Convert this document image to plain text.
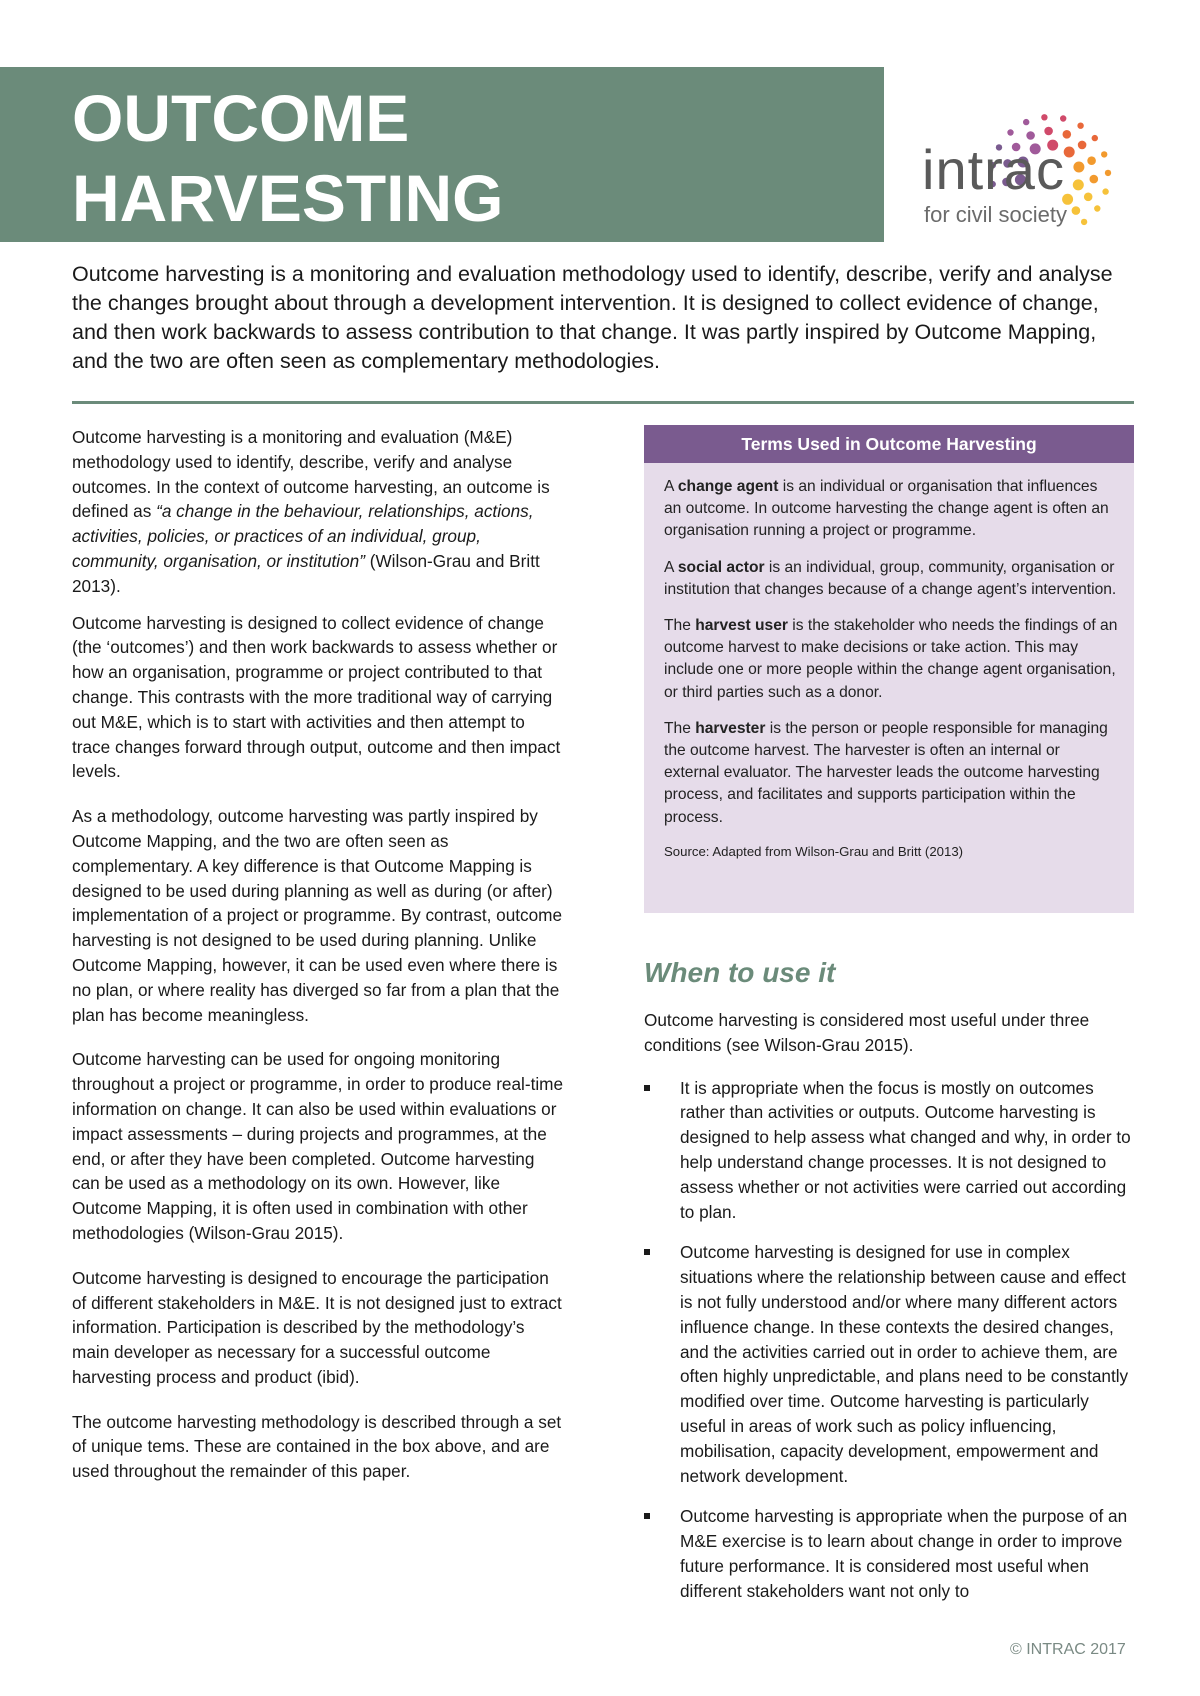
OUTCOME
HARVESTING	intrac

for civil society

Outcome harvesting is a monitoring and evaluation methodology used to identify, describe, verify and analyse the changes brought about through a development intervention. It is designed to collect evidence of change, and then work backwards to assess contribution to that change. It was partly inspired by Outcome Mapping, and the two are often seen as complementary methodologies.

Outcome harvesting is a monitoring and evaluation (M&E) methodology used to identify, describe, verify and analyse outcomes. In the context of outcome harvesting, an outcome is defined as “a change in the behaviour, relationships, actions, activities, policies, or practices of an individual, group, community, organisation, or institution” (Wilson-Grau and Britt 2013).

Outcome harvesting is designed to collect evidence of change (the ‘outcomes’) and then work backwards to assess whether or how an organisation, programme or project contributed to that change. This contrasts with the more traditional way of carrying out M&E, which is to start with activities and then attempt to trace changes forward through output, outcome and then impact levels.

As a methodology, outcome harvesting was partly inspired by Outcome Mapping, and the two are often seen as complementary. A key difference is that Outcome Mapping is designed to be used during planning as well as during (or after) implementation of a project or programme. By contrast, outcome harvesting is not designed to be used during planning. Unlike Outcome Mapping, however, it can be used even where there is no plan, or where reality has diverged so far from a plan that the plan has become meaningless.

Outcome harvesting can be used for ongoing monitoring throughout a project or programme, in order to produce real-time information on change. It can also be used within evaluations or impact assessments – during projects and programmes, at the end, or after they have been completed. Outcome harvesting can be used as a methodology on its own. However, like Outcome Mapping, it is often used in combination with other methodologies (Wilson-Grau 2015).

Outcome harvesting is designed to encourage the participation of different stakeholders in M&E. It is not designed just to extract information. Participation is described by the methodology’s main developer as necessary for a successful outcome harvesting process and product (ibid).

The outcome harvesting methodology is described through a set of unique tems. These are contained in the box above, and are used throughout the remainder of this paper.

Terms Used in Outcome Harvesting

A change agent is an individual or organisation that influences an outcome. In outcome harvesting the change agent is often an organisation running a project or programme.

A social actor is an individual, group, community, organisation or institution that changes because of a change agent’s intervention.

The harvest user is the stakeholder who needs the findings of an outcome harvest to make decisions or take action. This may include one or more people within the change agent organisation, or third parties such as a donor.

The harvester is the person or people responsible for managing the outcome harvest. The harvester is often an internal or external evaluator. The harvester leads the outcome harvesting process, and facilitates and supports participation within the process.

Source: Adapted from Wilson-Grau and Britt (2013)

When to use it

Outcome harvesting is considered most useful under three conditions (see Wilson-Grau 2015).

It is appropriate when the focus is mostly on outcomes rather than activities or outputs. Outcome harvesting is designed to help assess what changed and why, in order to help understand change processes. It is not designed to assess whether or not activities were carried out according to plan.
Outcome harvesting is designed for use in complex situations where the relationship between cause and effect is not fully understood and/or where many different actors influence change. In these contexts the desired changes, and the activities carried out in order to achieve them, are often highly unpredictable, and plans need to be constantly modified over time. Outcome harvesting is particularly useful in areas of work such as policy influencing, mobilisation, capacity development, empowerment and network development.
Outcome harvesting is appropriate when the purpose of an M&E exercise is to learn about change in order to improve future performance. It is considered most useful when different stakeholders want not only to

© INTRAC 2017
